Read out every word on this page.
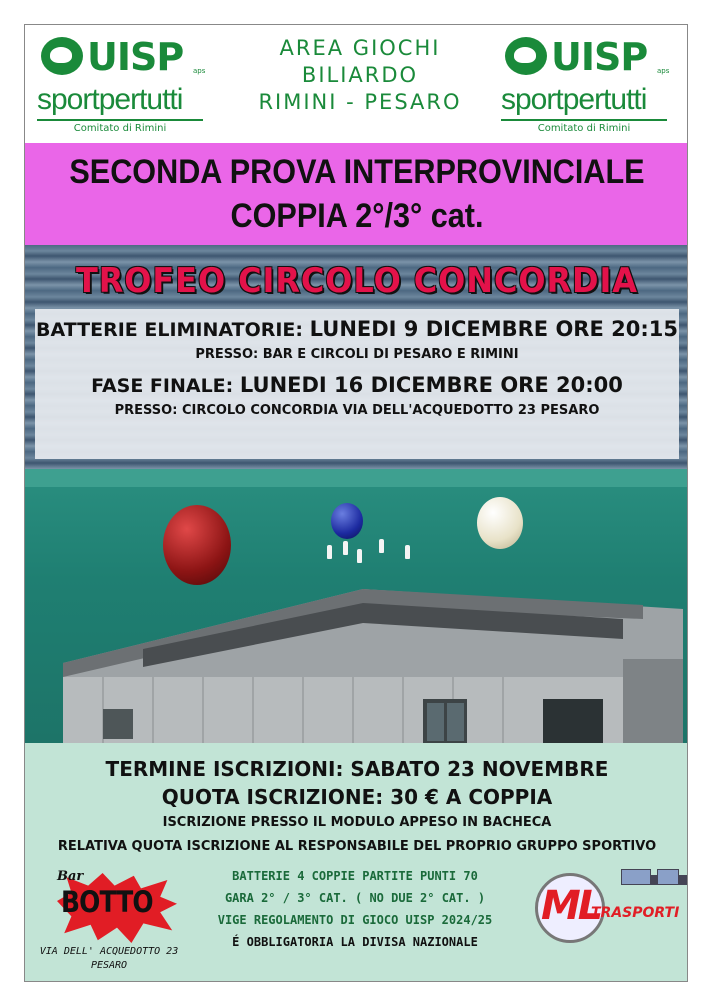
UISP aps
sportpertutti
Comitato di Rimini
AREA GIOCHI
BILIARDO
RIMINI - PESARO
UISP aps
sportpertutti
Comitato di Rimini
SECONDA PROVA INTERPROVINCIALE
COPPIA 2°/3° cat.
TROFEO CIRCOLO CONCORDIA
BATTERIE ELIMINATORIE: LUNEDI 9 DICEMBRE ORE 20:15
PRESSO: BAR E CIRCOLI DI PESARO E RIMINI
FASE FINALE: LUNEDI 16 DICEMBRE ORE 20:00
PRESSO: CIRCOLO CONCORDIA VIA DELL'ACQUEDOTTO 23 PESARO
TERMINE ISCRIZIONI: SABATO 23 NOVEMBRE
QUOTA ISCRIZIONE: 30 € A COPPIA
ISCRIZIONE PRESSO IL MODULO APPESO IN BACHECA
RELATIVA QUOTA ISCRIZIONE AL RESPONSABILE DEL PROPRIO GRUPPO SPORTIVO
BATTERIE 4 COPPIE PARTITE PUNTI 70
GARA 2° / 3° CAT. ( NO DUE 2° CAT. )
VIGE REGOLAMENTO DI GIOCO UISP 2024/25
É OBBLIGATORIA LA DIVISA NAZIONALE
Bar
BOTTO
VIA DELL' ACQUEDOTTO 23
PESARO
ML
TRASPORTI
